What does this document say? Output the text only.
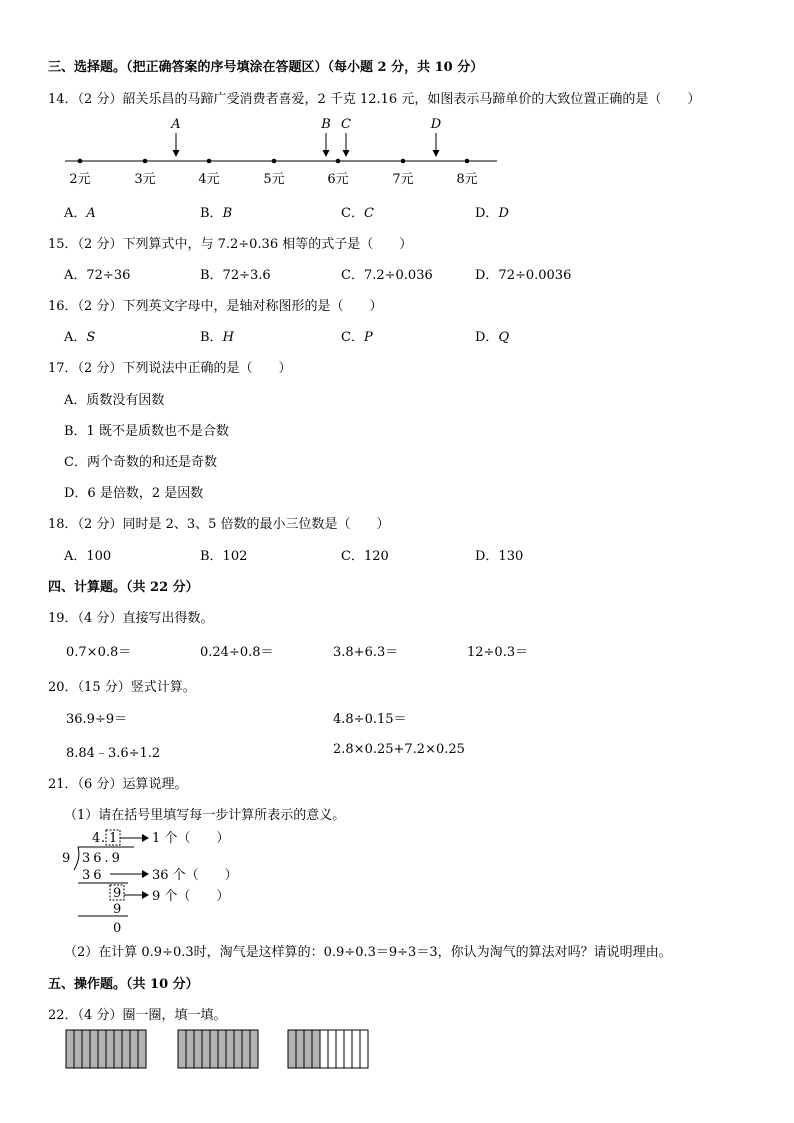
三、选择题。（把正确答案的序号填涂在答题区）（每小题 2 分，共 10 分）
14．（2 分）韶关乐昌的马蹄广受消费者喜爱，2 千克 12.16 元，如图表示马蹄单价的大致位置正确的是（　　）
2元	3元	4元	5元	6元	7元	8元
A	B C	D
A．A	B．B	C．C	D．D
15．（2 分）下列算式中，与 7.2÷0.36 相等的式子是（　　）
A．72÷36	B．72÷3.6	C．7.2÷0.036	D．72÷0.0036
16．（2 分）下列英文字母中，是轴对称图形的是（　　）
A．S	B．H	C．P	D．Q
17．（2 分）下列说法中正确的是（　　）
A．质数没有因数
B．1 既不是质数也不是合数
C．两个奇数的和还是奇数
D．6 是倍数，2 是因数
18．（2 分）同时是 2、3、5 倍数的最小三位数是（　　）
A．100	B．102	C．120	D．130
四、计算题。（共 22 分）
19．（4 分）直接写出得数。
0.7×0.8＝	0.24÷0.8＝	3.8+6.3＝	12÷0.3＝
20．（15 分）竖式计算。
36.9÷9＝	4.8÷0.15＝
8.84﹣3.6÷1.2	2.8×0.25+7.2×0.25
21．（6 分）运算说理。
（1）请在括号里填写每一步计算所表示的意义。
4 1
.	1 个（　　）
9 36.9
36	36 个（　　）
9 9 个（　　）
9
0
（2）在计算 0.9÷0.3时，淘气是这样算的：0.9÷0.3＝9÷3＝3，你认为淘气的算法对吗？请说明理由。
五、操作题。（共 10 分）
22．（4 分）圈一圈，填一填。
